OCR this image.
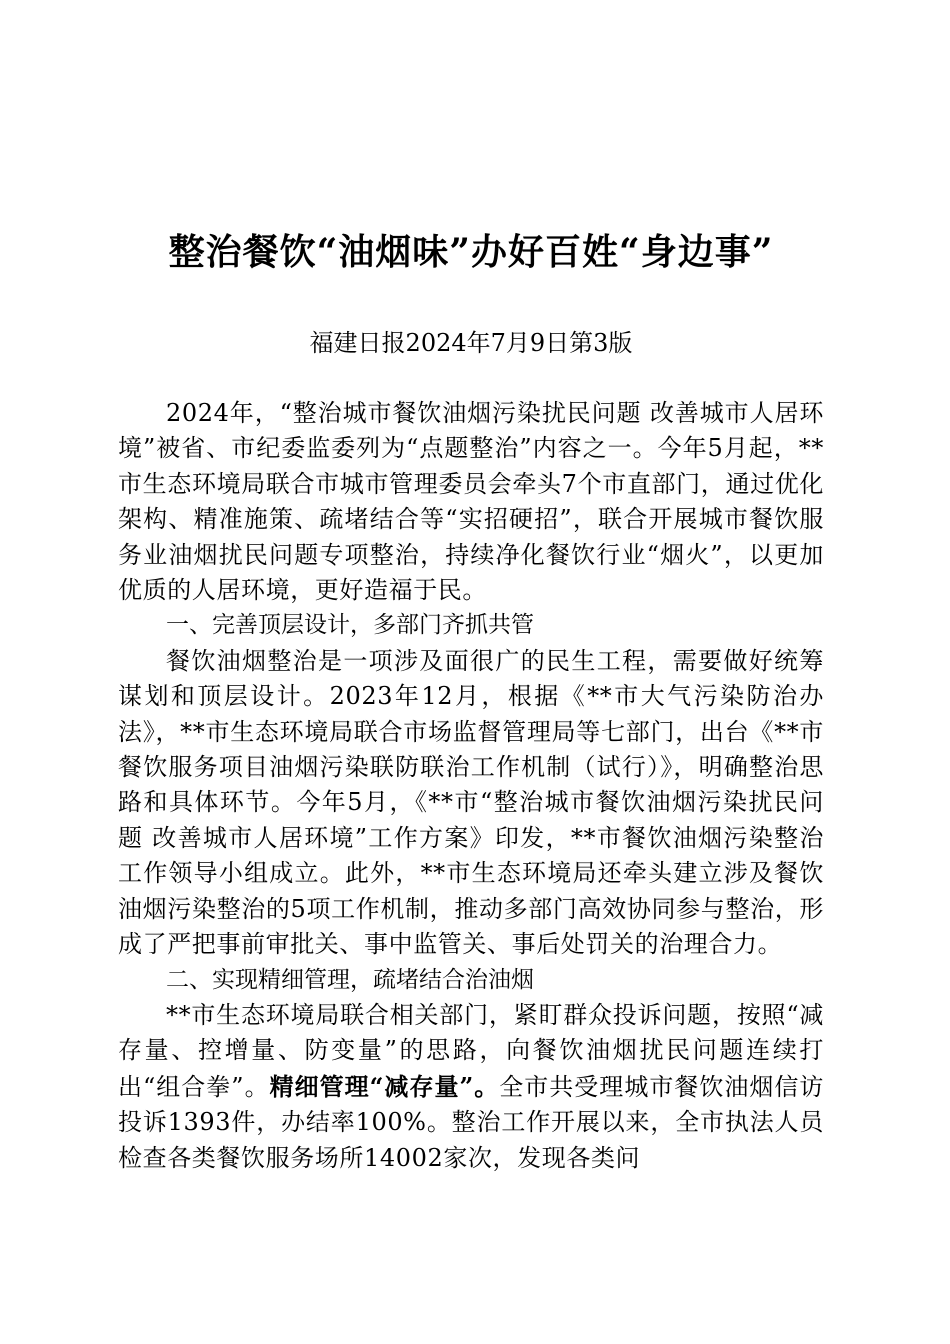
整治餐饮“油烟味”办好百姓“身边事”
福建日报2024年7月9日第3版

2024年，“整治城市餐饮油烟污染扰民问题 改善城市人居环境”被省、市纪委监委列为“点题整治”内容之一。今年5月起，**市生态环境局联合市城市管理委员会牵头7个市直部门，通过优化架构、精准施策、疏堵结合等“实招硬招”，联合开展城市餐饮服务业油烟扰民问题专项整治，持续净化餐饮行业“烟火”，以更加优质的人居环境，更好造福于民。

一、完善顶层设计，多部门齐抓共管

餐饮油烟整治是一项涉及面很广的民生工程，需要做好统筹谋划和顶层设计。2023年12月，根据《**市大气污染防治办法》，**市生态环境局联合市场监督管理局等七部门，出台《**市餐饮服务项目油烟污染联防联治工作机制（试行）》，明确整治思路和具体环节。今年5月，《**市“整治城市餐饮油烟污染扰民问题 改善城市人居环境”工作方案》印发，**市餐饮油烟污染整治工作领导小组成立。此外，**市生态环境局还牵头建立涉及餐饮油烟污染整治的5项工作机制，推动多部门高效协同参与整治，形成了严把事前审批关、事中监管关、事后处罚关的治理合力。

二、实现精细管理，疏堵结合治油烟

**市生态环境局联合相关部门，紧盯群众投诉问题，按照“减存量、控增量、防变量”的思路，向餐饮油烟扰民问题连续打出“组合拳”。精细管理“减存量”。全市共受理城市餐饮油烟信访投诉1393件，办结率100%。整治工作开展以来，全市执法人员检查各类餐饮服务场所14002家次，发现各类问
